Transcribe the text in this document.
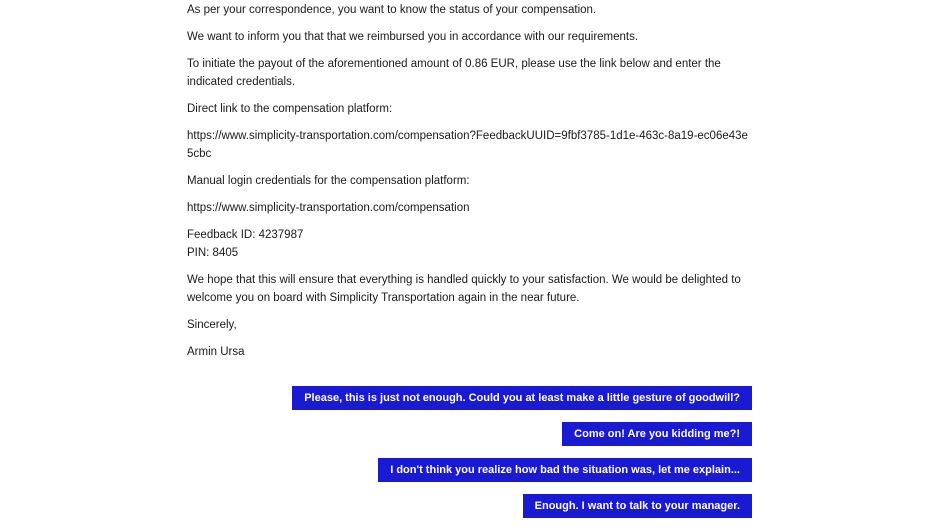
As per your correspondence, you want to know the status of your compensation.

We want to inform you that that we reimbursed you in accordance with our requirements.

To initiate the payout of the aforementioned amount of 0.86 EUR, please use the link below and enter the indicated credentials.

Direct link to the compensation platform:

https://www.simplicity-transportation.com/compensation?FeedbackUUID=9fbf3785-1d1e-463c-8a19-ec06e43e5cbc

Manual login credentials for the compensation platform:

https://www.simplicity-transportation.com/compensation

Feedback ID: 4237987
PIN: 8405

We hope that this will ensure that everything is handled quickly to your satisfaction. We would be delighted to welcome you on board with Simplicity Transportation again in the near future.

Sincerely,

Armin Ursa

Please, this is just not enough. Could you at least make a little gesture of goodwill?
Come on! Are you kidding me?!
I don't think you realize how bad the situation was, let me explain...
Enough. I want to talk to your manager.
